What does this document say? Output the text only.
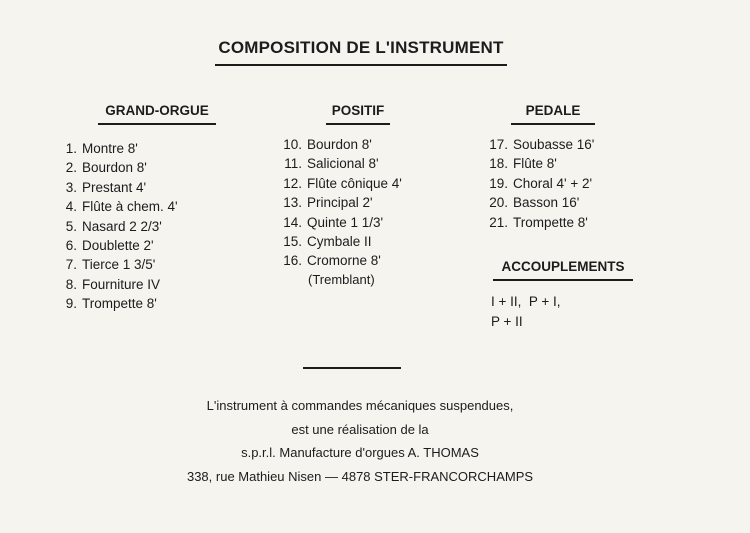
COMPOSITION DE L'INSTRUMENT
GRAND-ORGUE
1. Montre 8'
2. Bourdon 8'
3. Prestant 4'
4. Flûte à chem. 4'
5. Nasard 2 2/3'
6. Doublette 2'
7. Tierce 1 3/5'
8. Fourniture IV
9. Trompette 8'
POSITIF
10. Bourdon 8'
11. Salicional 8'
12. Flûte cônique 4'
13. Principal 2'
14. Quinte 1 1/3'
15. Cymbale II
16. Cromorne 8'
(Tremblant)
PEDALE
17. Soubasse 16'
18. Flûte 8'
19. Choral 4' + 2'
20. Basson 16'
21. Trompette 8'
ACCOUPLEMENTS
I + II,  P + I,
P + II
L'instrument à commandes mécaniques suspendues,
est une réalisation de la
s.p.r.l. Manufacture d'orgues A. THOMAS
338, rue Mathieu Nisen — 4878 STER-FRANCORCHAMPS
